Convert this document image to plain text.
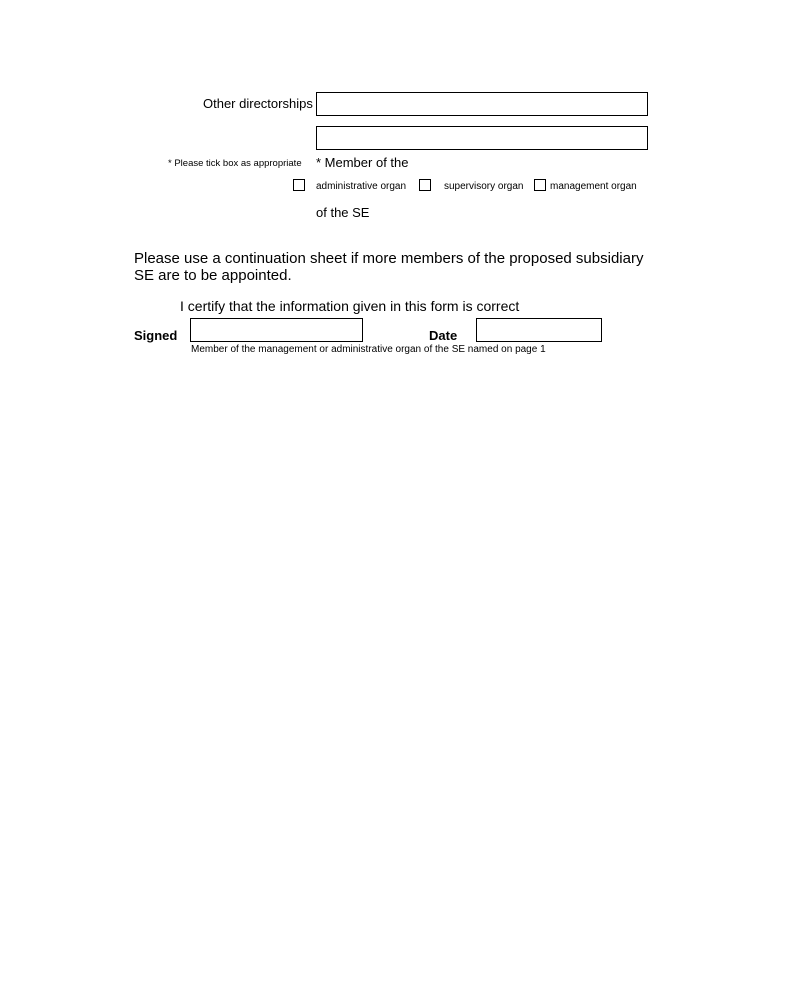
Other directorships
* Please tick box as appropriate * Member of the
administrative organ	supervisory organ	management organ
of the SE
Please use a continuation sheet if more members of the proposed subsidiary SE are to be appointed.
I certify that the information given in this form is correct
Signed	Date
Member of the management or administrative organ of the SE named on page 1
